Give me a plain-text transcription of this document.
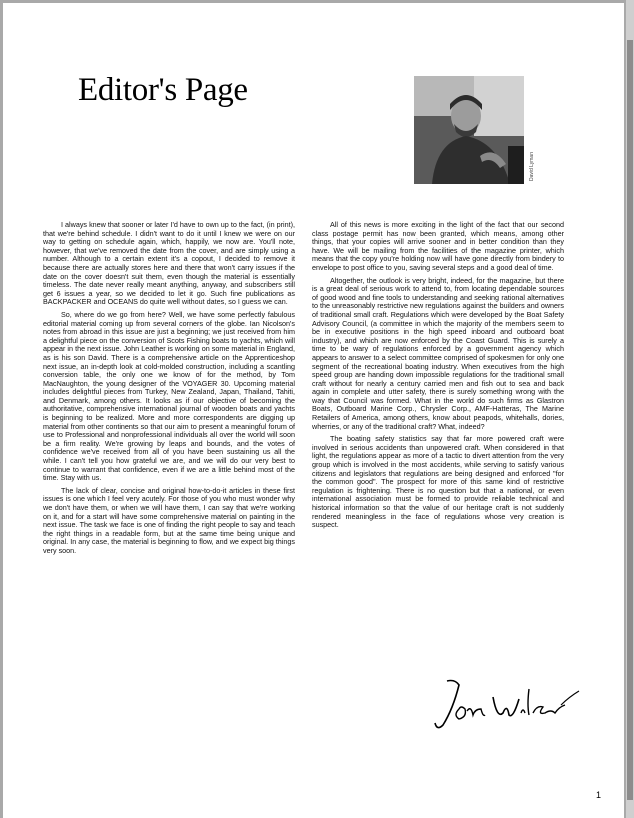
Editor's Page
David Lyman

I always knew that sooner or later I'd have to own up to the fact, (in print), that we're behind schedule. I didn't want to do it until I knew we were on our way to getting on schedule again, which, happily, we now are. You'll note, however, that we've removed the date from the cover, and are simply using a number. Although to a certain extent it's a copout, I decided to remove it because there are actually stores here and there that won't carry issues if the date on the cover doesn't suit them, even though the material is essentially timeless. The date never really meant anything, anyway, and subscribers still get 6 issues a year, so we decided to let it go. Such fine publications as BACKPACKER and OCEANS do quite well without dates, so I guess we can.

So, where do we go from here? Well, we have some perfectly fabulous editorial material coming up from several corners of the globe. Ian Nicolson's notes from abroad in this issue are just a beginning; we just received from him a delightful piece on the conversion of Scots Fishing boats to yachts, which will appear in the next issue. John Leather is working on some material in England, as is his son David. There is a comprehensive article on the Apprenticeshop next issue, an in-depth look at cold-molded construction, including a scantling conversion table, the only one we know of for the method, by Tom MacNaughton, the young designer of the VOYAGER 30. Upcoming material includes delightful pieces from Turkey, New Zealand, Japan, Thailand, Tahiti, and Denmark, among others. It looks as if our objective of becoming the authoritative, comprehensive international journal of wooden boats and yachts is beginning to be realized. More and more correspondents are digging up material from other continents so that our aim to present a meaningful forum of use to Professional and nonprofessional individuals all over the world will soon be a firm reality. We're growing by leaps and bounds, and the votes of confidence we've received from all of you have been sustaining us all the while. I can't tell you how grateful we are, and we will do our very best to continue to warrant that confidence, even if we are a little behind most of the time. Stay with us.

The lack of clear, concise and original how-to-do-it articles in these first issues is one which I feel very acutely. For those of you who must wonder why we don't have them, or when we will have them, I can say that we're working on it, and for a start will have some comprehensive material on painting in the next issue. The task we face is one of finding the right people to say and teach the right things in a readable form, but at the same time being unique and original. In any case, the material is beginning to flow, and we expect big things very soon.

All of this news is more exciting in the light of the fact that our second class postage permit has now been granted, which means, among other things, that your copies will arrive sooner and in better condition than they have. We will be mailing from the facilities of the magazine printer, which means that the copy you're holding now will have gone directly from bindery to envelope to post office to you, saving several steps and a good deal of time.

Altogether, the outlook is very bright, indeed, for the magazine, but there is a great deal of serious work to attend to, from locating dependable sources of good wood and fine tools to understanding and seeking rational alternatives to the unreasonably restrictive new regulations against the builders and owners of traditional small craft. Regulations which were developed by the Boat Safety Advisory Council, (a committee in which the majority of the members seem to be in executive positions in the high speed inboard and outboard boat industry), and which are now enforced by the Coast Guard. This is surely a time to be wary of regulations enforced by a government agency which appears to answer to a select committee comprised of spokesmen for only one segment of the recreational boating industry. When executives from the high speed group are handing down impossible regulations for the traditional small craft without for nearly a century carried men and fish out to sea and back again in complete and utter safety, there is surely something wrong with the way that Council was formed. What in the world do such firms as Glastron Boats, Outboard Marine Corp., Chrysler Corp., AMF-Hatteras, The Marine Retailers of America, among others, know about peapods, whitehalls, dories, wherries, or any of the traditional craft? What, indeed?

The boating safety statistics say that far more powered craft were involved in serious accidents than unpowered craft. When considered in that light, the regulations appear as more of a tactic to divert attention from the very group which is involved in the most accidents, while serving to satisfy various citizens and legislators that regulations are being designed and enforced "for the common good". The prospect for more of this same kind of restrictive regulation is frightening. There is no question but that a national, or even international association must be formed to provide reliable technical and historical information so that the value of our heritage craft is not suddenly rendered meaningless in the face of regulations whose very creation is suspect.

1
